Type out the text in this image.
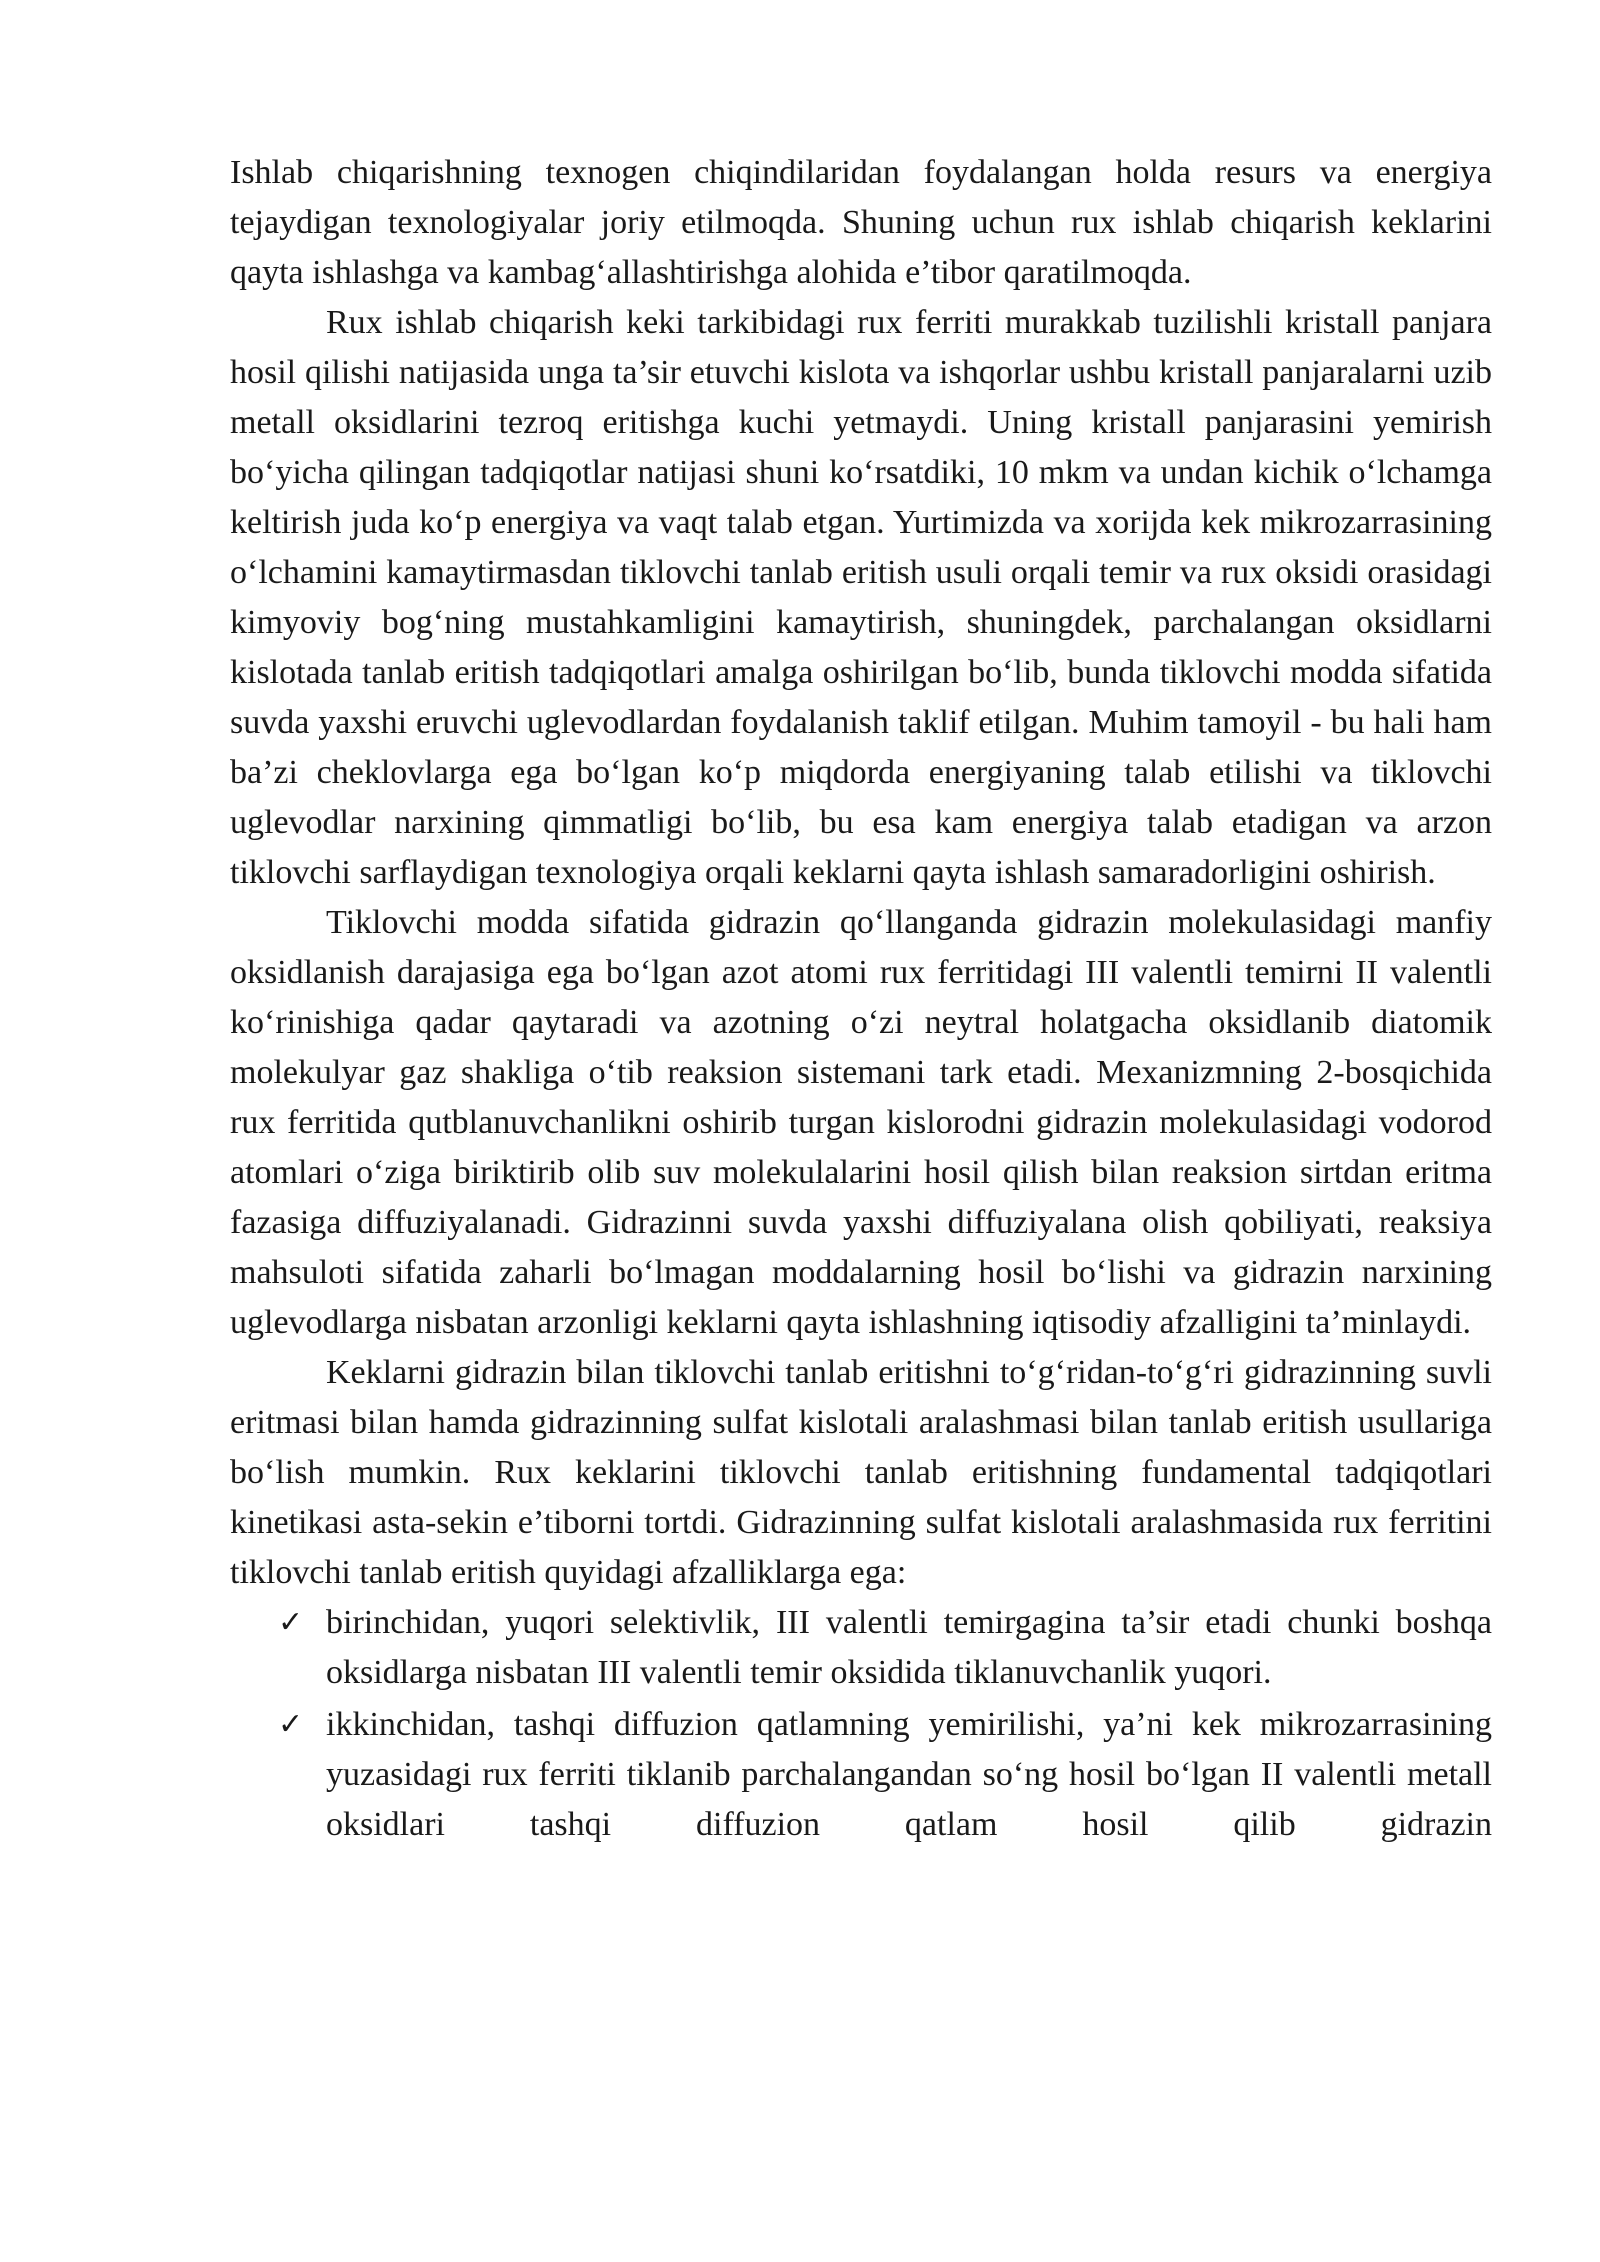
Ishlab chiqarishning texnogen chiqindilaridan foydalangan holda resurs va energiya tejaydigan texnologiyalar joriy etilmoqda. Shuning uchun rux ishlab chiqarish keklarini qayta ishlashga va kambag‘allashtirishga alohida e’tibor qaratilmoqda.

Rux ishlab chiqarish keki tarkibidagi rux ferriti murakkab tuzilishli kristall panjara hosil qilishi natijasida unga ta’sir etuvchi kislota va ishqorlar ushbu kristall panjaralarni uzib metall oksidlarini tezroq eritishga kuchi yetmaydi. Uning kristall panjarasini yemirish bo‘yicha qilingan tadqiqotlar natijasi shuni ko‘rsatdiki, 10 mkm va undan kichik o‘lchamga keltirish juda ko‘p energiya va vaqt talab etgan. Yurtimizda va xorijda kek mikrozarrasining o‘lchamini kamaytirmasdan tiklovchi tanlab eritish usuli orqali temir va rux oksidi orasidagi kimyoviy bog‘ning mustahkamligini kamaytirish, shuningdek, parchalangan oksidlarni kislotada tanlab eritish tadqiqotlari amalga oshirilgan bo‘lib, bunda tiklovchi modda sifatida suvda yaxshi eruvchi uglevodlardan foydalanish taklif etilgan. Muhim tamoyil - bu hali ham ba’zi cheklovlarga ega bo‘lgan ko‘p miqdorda energiyaning talab etilishi va tiklovchi uglevodlar narxining qimmatligi bo‘lib, bu esa kam energiya talab etadigan va arzon tiklovchi sarflaydigan texnologiya orqali keklarni qayta ishlash samaradorligini oshirish.

Tiklovchi modda sifatida gidrazin qo‘llanganda gidrazin molekulasidagi manfiy oksidlanish darajasiga ega bo‘lgan azot atomi rux ferritidagi III valentli temirni II valentli ko‘rinishiga qadar qaytaradi va azotning o‘zi neytral holatgacha oksidlanib diatomik molekulyar gaz shakliga o‘tib reaksion sistemani tark etadi. Mexanizmning 2-bosqichida rux ferritida qutblanuvchanlikni oshirib turgan kislorodni gidrazin molekulasidagi vodorod atomlari o‘ziga biriktirib olib suv molekulalarini hosil qilish bilan reaksion sirtdan eritma fazasiga diffuziyalanadi. Gidrazinni suvda yaxshi diffuziyalana olish qobiliyati, reaksiya mahsuloti sifatida zaharli bo‘lmagan moddalarning hosil bo‘lishi va gidrazin narxining uglevodlarga nisbatan arzonligi keklarni qayta ishlashning iqtisodiy afzalligini ta’minlaydi.

Keklarni gidrazin bilan tiklovchi tanlab eritishni to‘g‘ridan-to‘g‘ri gidrazinning suvli eritmasi bilan hamda gidrazinning sulfat kislotali aralashmasi bilan tanlab eritish usullariga bo‘lish mumkin. Rux keklarini tiklovchi tanlab eritishning fundamental tadqiqotlari kinetikasi asta-sekin e’tiborni tortdi. Gidrazinning sulfat kislotali aralashmasida rux ferritini tiklovchi tanlab eritish quyidagi afzalliklarga ega:

✓ birinchidan, yuqori selektivlik, III valentli temirgagina ta’sir etadi chunki boshqa oksidlarga nisbatan III valentli temir oksidida tiklanuvchanlik yuqori.
✓ ikkinchidan, tashqi diffuzion qatlamning yemirilishi, ya’ni kek mikrozarrasining yuzasidagi rux ferriti tiklanib parchalangandan so‘ng hosil bo‘lgan II valentli metall oksidlari tashqi diffuzion qatlam hosil qilib gidrazin
